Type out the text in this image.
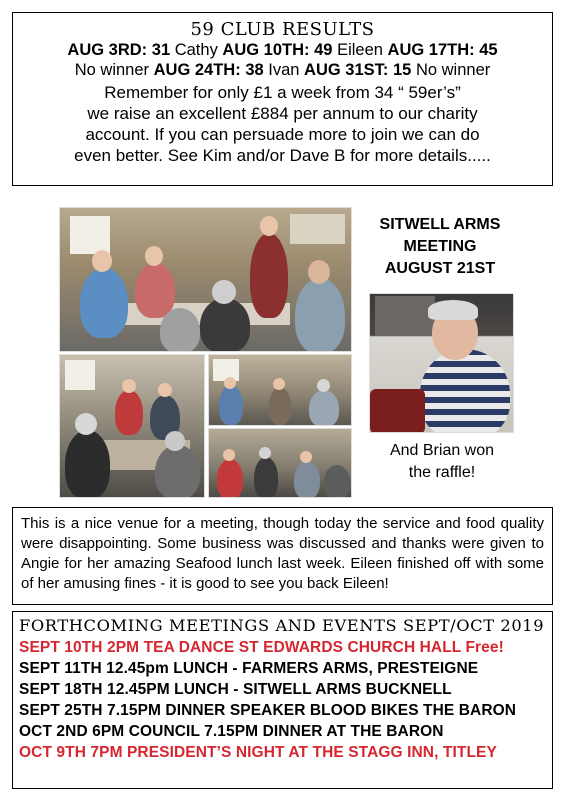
59 CLUB RESULTS
AUG 3RD: 31 Cathy AUG 10TH: 49 Eileen AUG 17TH: 45
No winner AUG 24TH: 38 Ivan AUG 31ST: 15 No winner
Remember for only £1 a week from 34 “ 59er’s”
we raise an excellent £884 per annum to our charity
account. If you can persuade more to join we can do
even better. See Kim and/or Dave B for more details.....
SITWELL ARMS
MEETING
AUGUST 21ST
And Brian won
the raffle!

This is a nice venue for a meeting, though today the service and food quality were disappointing. Some business was discussed and thanks were given to Angie for her amazing Seafood lunch last week. Eileen finished off with some of her amusing fines - it is good to see you back Eileen!

FORTHCOMING MEETINGS AND EVENTS SEPT/OCT 2019
SEPT 10TH 2PM TEA DANCE ST EDWARDS CHURCH HALL Free!
SEPT 11TH 12.45pm LUNCH - FARMERS ARMS, PRESTEIGNE
SEPT 18TH 12.45PM LUNCH - SITWELL ARMS BUCKNELL
SEPT 25TH 7.15PM DINNER SPEAKER BLOOD BIKES THE BARON
OCT 2ND 6PM COUNCIL 7.15PM DINNER AT THE BARON
OCT 9TH 7PM PRESIDENT’S NIGHT AT THE STAGG INN, TITLEY
